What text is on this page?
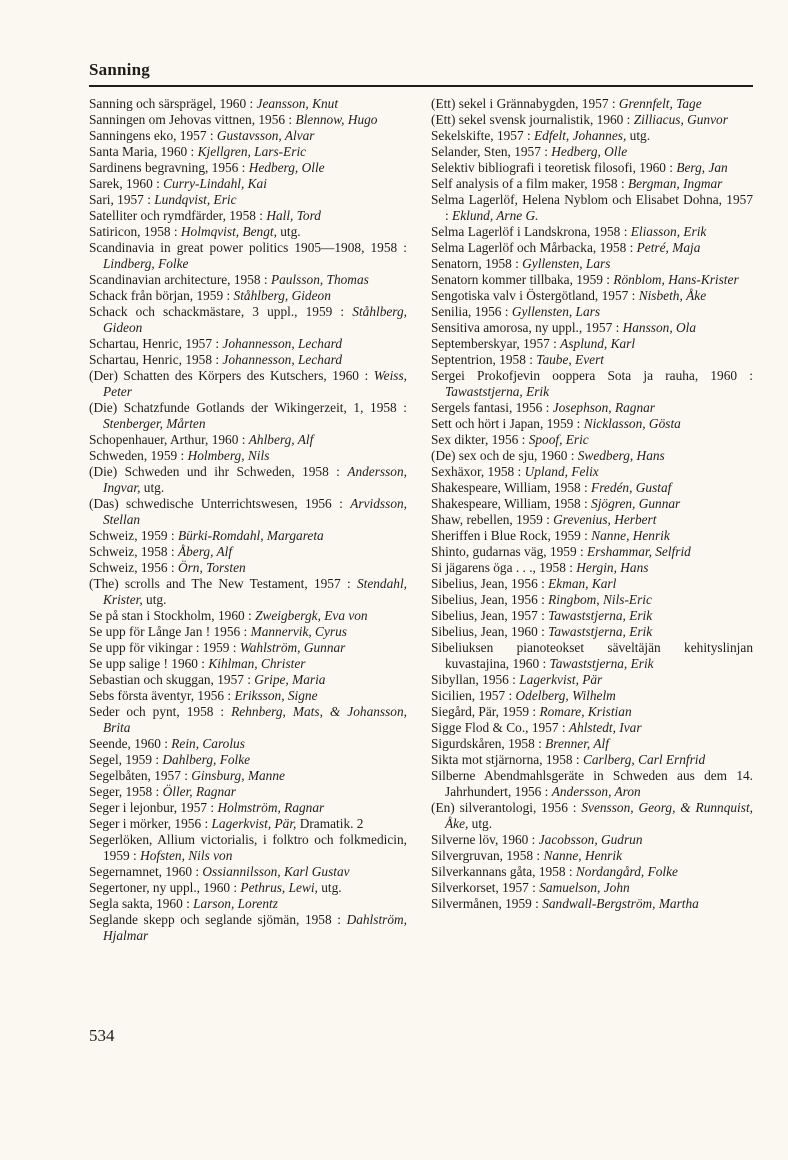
Sanning
Sanning och särsprägel, 1960 : Jeansson, Knut
Sanningen om Jehovas vittnen, 1956 : Blennow, Hugo
Sanningens eko, 1957 : Gustavsson, Alvar
Santa Maria, 1960 : Kjellgren, Lars-Eric
Sardinens begravning, 1956 : Hedberg, Olle
Sarek, 1960 : Curry-Lindahl, Kai
Sari, 1957 : Lundqvist, Eric
Satelliter och rymdfärder, 1958 : Hall, Tord
Satiricon, 1958 : Holmqvist, Bengt, utg.
Scandinavia in great power politics 1905—1908, 1958 : Lindberg, Folke
Scandinavian architecture, 1958 : Paulsson, Thomas
Schack från början, 1959 : Ståhlberg, Gideon
Schack och schackmästare, 3 uppl., 1959 : Ståhlberg, Gideon
Schartau, Henric, 1957 : Johannesson, Lechard
Schartau, Henric, 1958 : Johannesson, Lechard
(Der) Schatten des Körpers des Kutschers, 1960 : Weiss, Peter
(Die) Schatzfunde Gotlands der Wikingerzeit, 1, 1958 : Stenberger, Mårten
Schopenhauer, Arthur, 1960 : Ahlberg, Alf
Schweden, 1959 : Holmberg, Nils
(Die) Schweden und ihr Schweden, 1958 : Andersson, Ingvar, utg.
(Das) schwedische Unterrichtswesen, 1956 : Arvidsson, Stellan
Schweiz, 1959 : Bürki-Romdahl, Margareta
Schweiz, 1958 : Åberg, Alf
Schweiz, 1956 : Örn, Torsten
(The) scrolls and The New Testament, 1957 : Stendahl, Krister, utg.
Se på stan i Stockholm, 1960 : Zweigbergk, Eva von
Se upp för Långe Jan ! 1956 : Mannervik, Cyrus
Se upp för vikingar : 1959 : Wahlström, Gunnar
Se upp salige ! 1960 : Kihlman, Christer
Sebastian och skuggan, 1957 : Gripe, Maria
Sebs första äventyr, 1956 : Eriksson, Signe
Seder och pynt, 1958 : Rehnberg, Mats, & Johansson, Brita
Seende, 1960 : Rein, Carolus
Segel, 1959 : Dahlberg, Folke
Segelbåten, 1957 : Ginsburg, Manne
Seger, 1958 : Öller, Ragnar
Seger i lejonbur, 1957 : Holmström, Ragnar
Seger i mörker, 1956 : Lagerkvist, Pär, Dramatik. 2
Segerlöken, Allium victorialis, i folktro och folkmedicin, 1959 : Hofsten, Nils von
Segernamnet, 1960 : Ossiannilsson, Karl Gustav
Segertoner, ny uppl., 1960 : Pethrus, Lewi, utg.
Segla sakta, 1960 : Larson, Lorentz
Seglande skepp och seglande sjömän, 1958 : Dahlström, Hjalmar
(Ett) sekel i Grännabygden, 1957 : Grennfelt, Tage
(Ett) sekel svensk journalistik, 1960 : Zilliacus, Gunvor
Sekelskifte, 1957 : Edfelt, Johannes, utg.
Selander, Sten, 1957 : Hedberg, Olle
Selektiv bibliografi i teoretisk filosofi, 1960 : Berg, Jan
Self analysis of a film maker, 1958 : Bergman, Ingmar
Selma Lagerlöf, Helena Nyblom och Elisabet Dohna, 1957 : Eklund, Arne G.
Selma Lagerlöf i Landskrona, 1958 : Eliasson, Erik
Selma Lagerlöf och Mårbacka, 1958 : Petré, Maja
Senatorn, 1958 : Gyllensten, Lars
Senatorn kommer tillbaka, 1959 : Rönblom, Hans-Krister
Sengotiska valv i Östergötland, 1957 : Nisbeth, Åke
Senilia, 1956 : Gyllensten, Lars
Sensitiva amorosa, ny uppl., 1957 : Hansson, Ola
Septemberskyar, 1957 : Asplund, Karl
Septentrion, 1958 : Taube, Evert
Sergei Prokofjevin ooppera Sota ja rauha, 1960 : Tawaststjerna, Erik
Sergels fantasi, 1956 : Josephson, Ragnar
Sett och hört i Japan, 1959 : Nicklasson, Gösta
Sex dikter, 1956 : Spoof, Eric
(De) sex och de sju, 1960 : Swedberg, Hans
Sexhäxor, 1958 : Upland, Felix
Shakespeare, William, 1958 : Fredén, Gustaf
Shakespeare, William, 1958 : Sjögren, Gunnar
Shaw, rebellen, 1959 : Grevenius, Herbert
Sheriffen i Blue Rock, 1959 : Nanne, Henrik
Shinto, gudarnas väg, 1959 : Ershammar, Selfrid
Si jägarens öga . . ., 1958 : Hergin, Hans
Sibelius, Jean, 1956 : Ekman, Karl
Sibelius, Jean, 1956 : Ringbom, Nils-Eric
Sibelius, Jean, 1957 : Tawaststjerna, Erik
Sibelius, Jean, 1960 : Tawaststjerna, Erik
Sibeliuksen pianoteokset säveltäjän kehityslinjan kuvastajina, 1960 : Tawaststjerna, Erik
Sibyllan, 1956 : Lagerkvist, Pär
Sicilien, 1957 : Odelberg, Wilhelm
Siegård, Pär, 1959 : Romare, Kristian
Sigge Flod & Co., 1957 : Ahlstedt, Ivar
Sigurdskåren, 1958 : Brenner, Alf
Sikta mot stjärnorna, 1958 : Carlberg, Carl Ernfrid
Silberne Abendmahlsgeräte in Schweden aus dem 14. Jahrhundert, 1956 : Andersson, Aron
(En) silverantologi, 1956 : Svensson, Georg, & Runnquist, Åke, utg.
Silverne löv, 1960 : Jacobsson, Gudrun
Silvergruvan, 1958 : Nanne, Henrik
Silverkannans gåta, 1958 : Nordangård, Folke
Silverkorset, 1957 : Samuelson, John
Silvermånen, 1959 : Sandwall-Bergström, Martha
534
